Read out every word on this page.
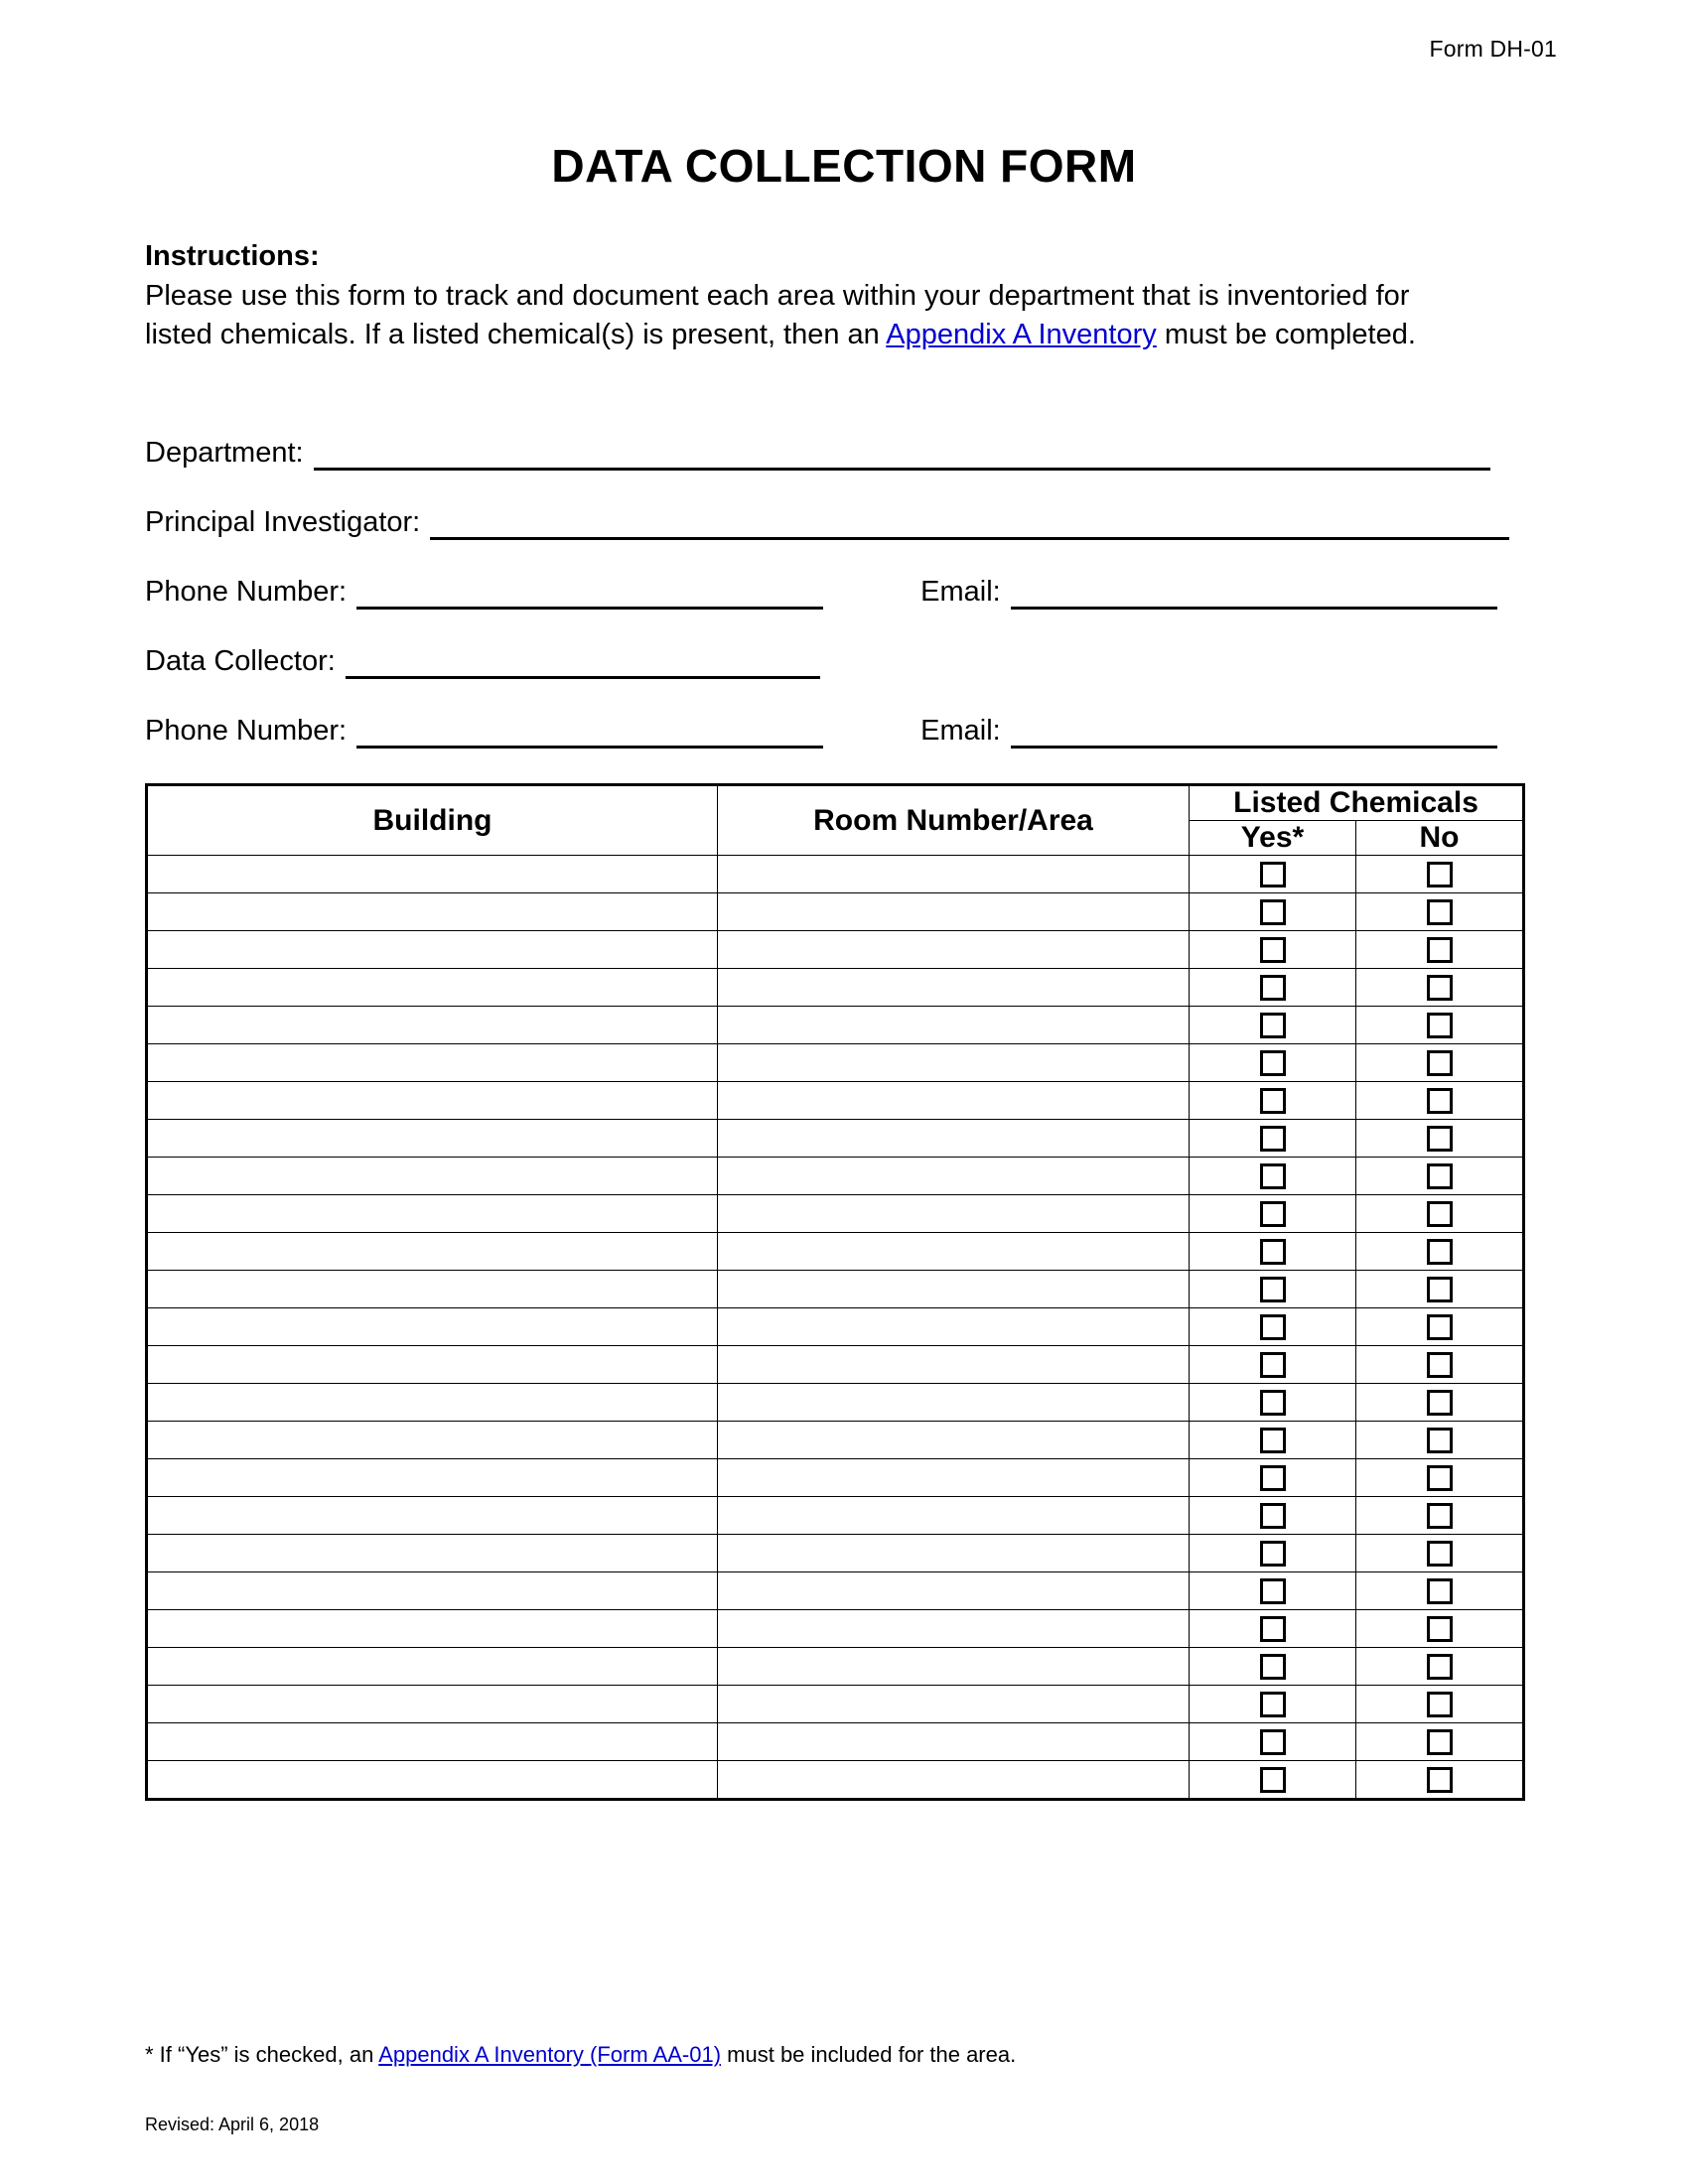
Form DH-01
DATA COLLECTION FORM
Instructions:
Please use this form to track and document each area within your department that is inventoried for listed chemicals. If a listed chemical(s) is present, then an Appendix A Inventory must be completed.
Department:
Principal Investigator:
Phone Number:	Email:
Data Collector:
Phone Number:	Email:
Building	Room Number/Area	Listed Chemicals	
		Yes*	No

* If “Yes” is checked, an Appendix A Inventory (Form AA-01) must be included for the area.
Revised: April 6, 2018
